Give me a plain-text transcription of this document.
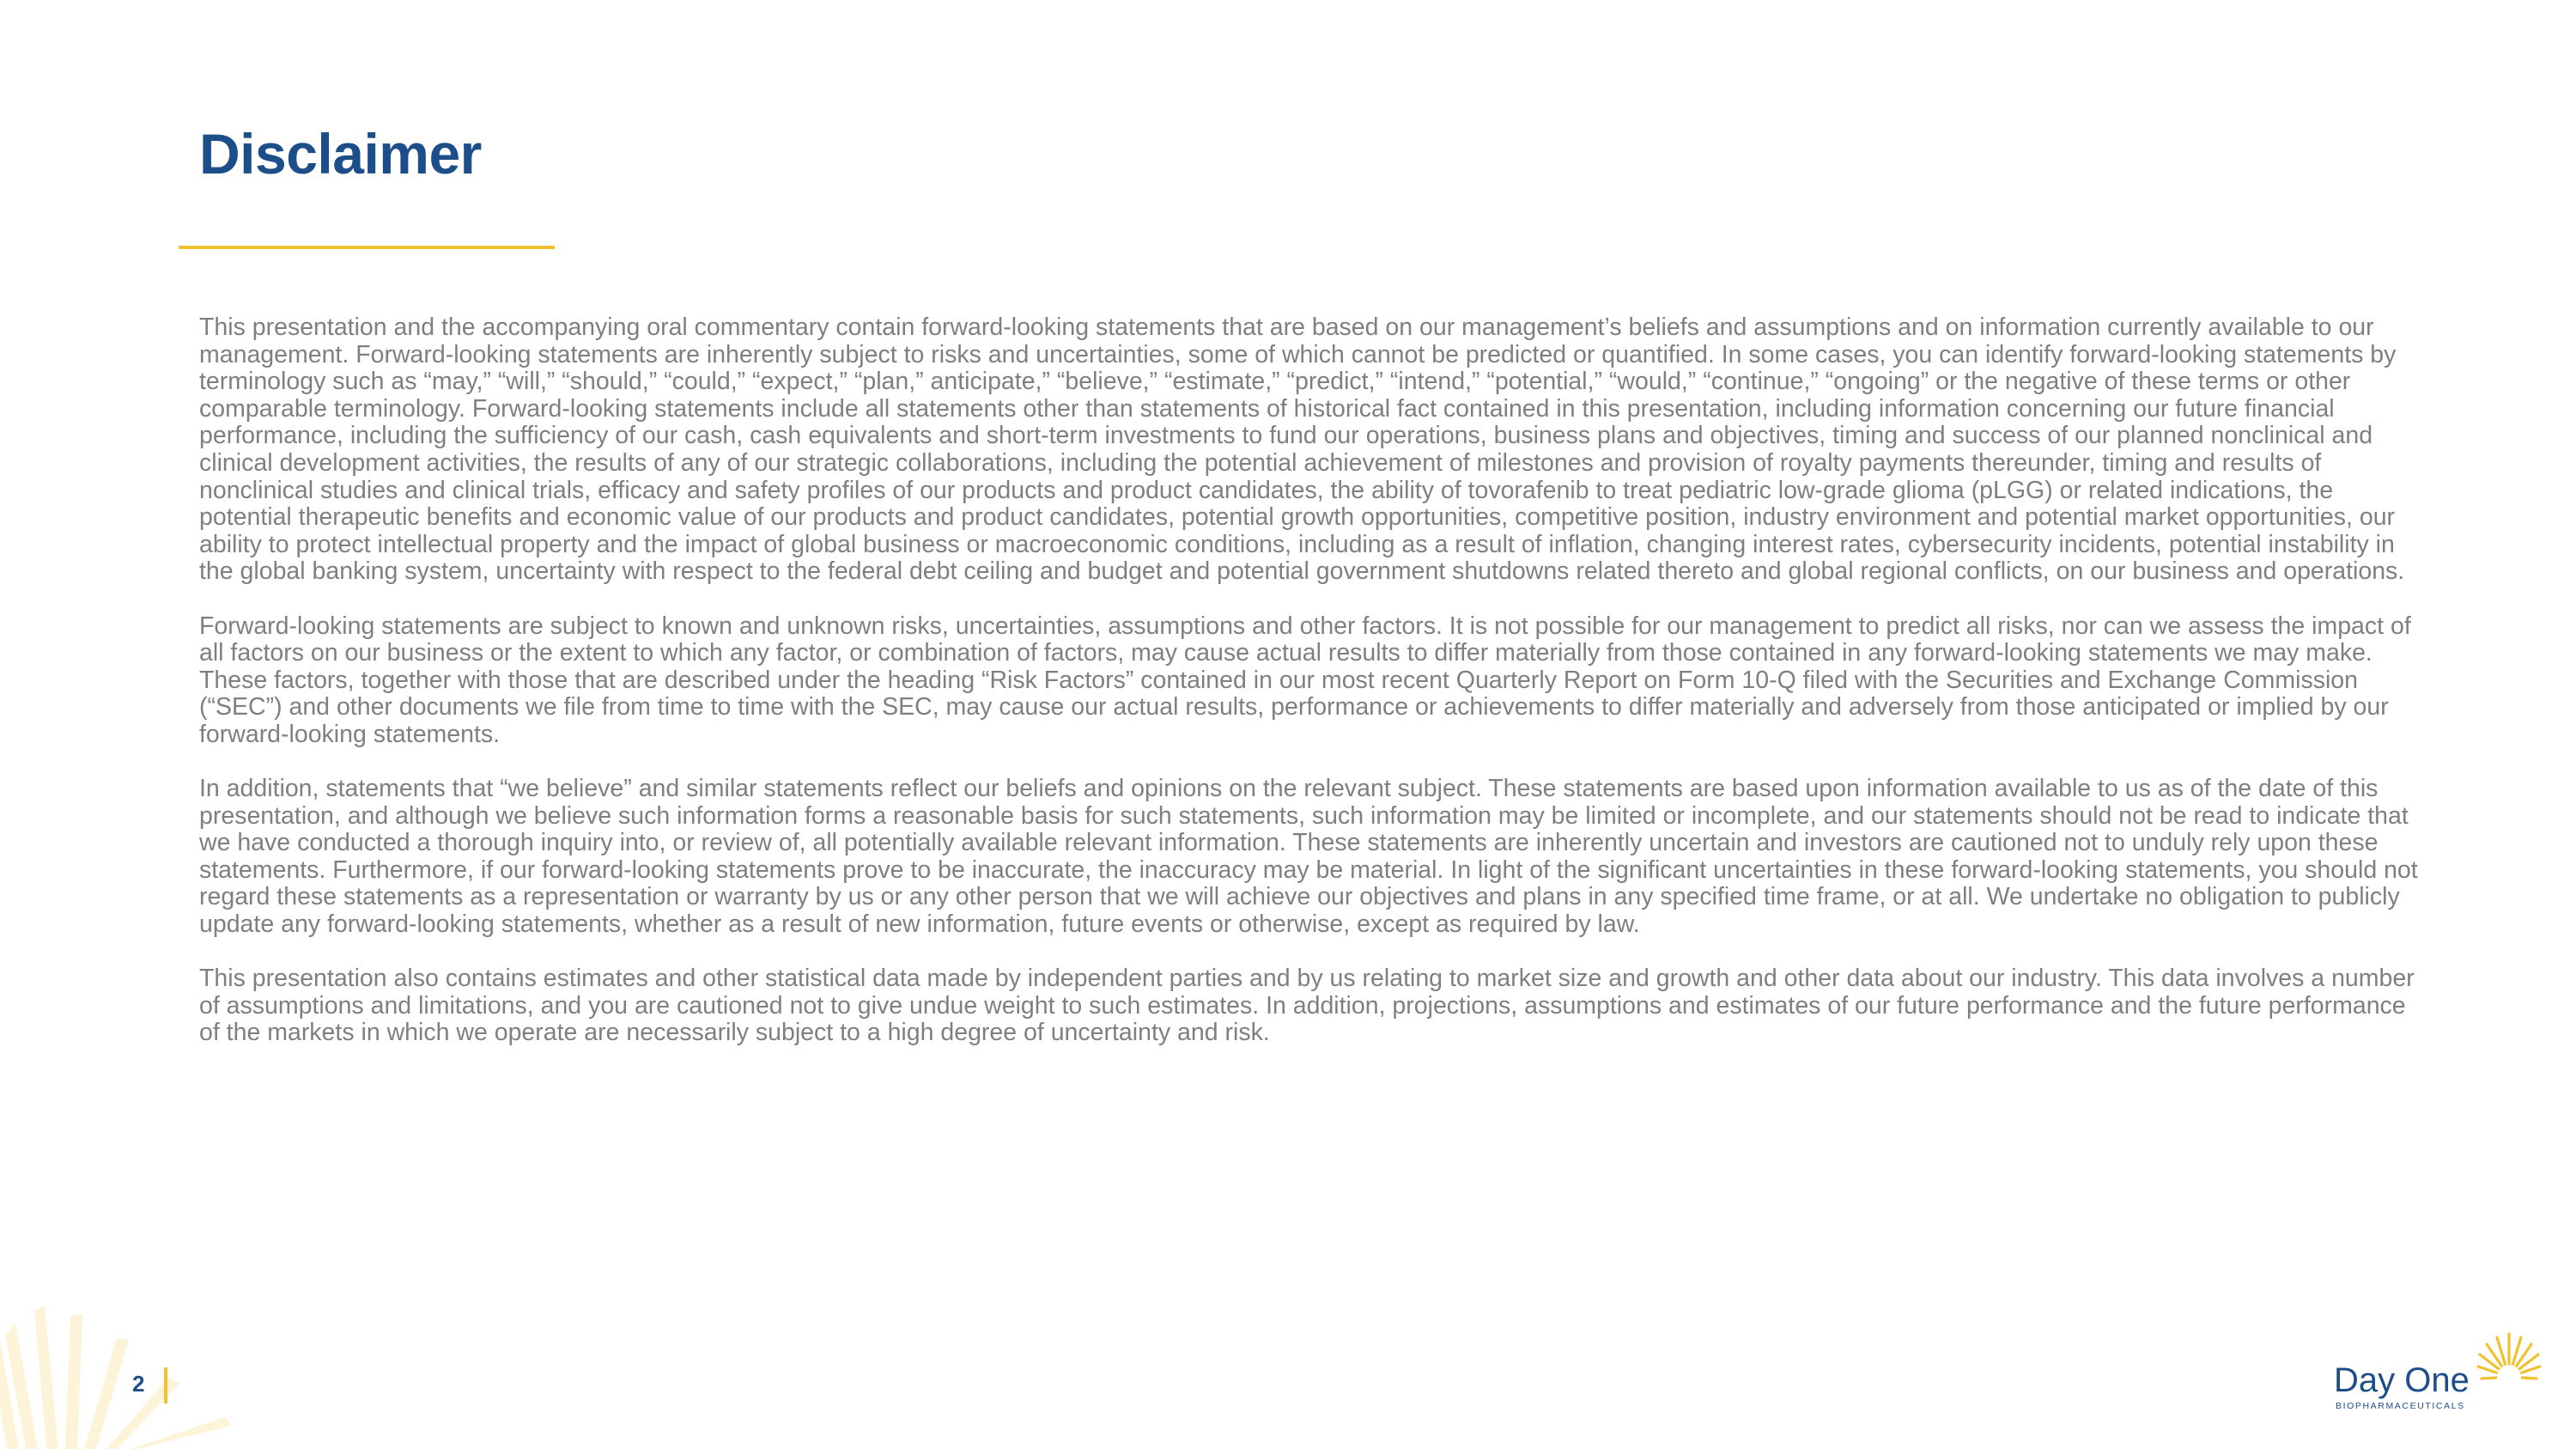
Disclaimer

This presentation and the accompanying oral commentary contain forward-looking statements that are based on our management’s beliefs and assumptions and on information currently available to our management. Forward-looking statements are inherently subject to risks and uncertainties, some of which cannot be predicted or quantified. In some cases, you can identify forward-looking statements by terminology such as “may,” “will,” “should,” “could,” “expect,” “plan,” anticipate,” “believe,” “estimate,” “predict,” “intend,” “potential,” “would,” “continue,” “ongoing” or the negative of these terms or other comparable terminology. Forward-looking statements include all statements other than statements of historical fact contained in this presentation, including information concerning our future financial performance, including the sufficiency of our cash, cash equivalents and short-term investments to fund our operations, business plans and objectives, timing and success of our planned nonclinical and clinical development activities, the results of any of our strategic collaborations, including the potential achievement of milestones and provision of royalty payments thereunder, timing and results of nonclinical studies and clinical trials, efficacy and safety profiles of our products and product candidates, the ability of tovorafenib to treat pediatric low-grade glioma (pLGG) or related indications, the potential therapeutic benefits and economic value of our products and product candidates, potential growth opportunities, competitive position, industry environment and potential market opportunities, our ability to protect intellectual property and the impact of global business or macroeconomic conditions, including as a result of inflation, changing interest rates, cybersecurity incidents, potential instability in the global banking system, uncertainty with respect to the federal debt ceiling and budget and potential government shutdowns related thereto and global regional conflicts, on our business and operations.

Forward-looking statements are subject to known and unknown risks, uncertainties, assumptions and other factors. It is not possible for our management to predict all risks, nor can we assess the impact of all factors on our business or the extent to which any factor, or combination of factors, may cause actual results to differ materially from those contained in any forward-looking statements we may make. These factors, together with those that are described under the heading “Risk Factors” contained in our most recent Quarterly Report on Form 10-Q filed with the Securities and Exchange Commission (“SEC”) and other documents we file from time to time with the SEC, may cause our actual results, performance or achievements to differ materially and adversely from those anticipated or implied by our forward-looking statements.

In addition, statements that “we believe” and similar statements reflect our beliefs and opinions on the relevant subject. These statements are based upon information available to us as of the date of this presentation, and although we believe such information forms a reasonable basis for such statements, such information may be limited or incomplete, and our statements should not be read to indicate that we have conducted a thorough inquiry into, or review of, all potentially available relevant information. These statements are inherently uncertain and investors are cautioned not to unduly rely upon these statements. Furthermore, if our forward-looking statements prove to be inaccurate, the inaccuracy may be material. In light of the significant uncertainties in these forward-looking statements, you should not regard these statements as a representation or warranty by us or any other person that we will achieve our objectives and plans in any specified time frame, or at all. We undertake no obligation to publicly update any forward-looking statements, whether as a result of new information, future events or otherwise, except as required by law.

This presentation also contains estimates and other statistical data made by independent parties and by us relating to market size and growth and other data about our industry. This data involves a number of assumptions and limitations, and you are cautioned not to give undue weight to such estimates. In addition, projections, assumptions and estimates of our future performance and the future performance of the markets in which we operate are necessarily subject to a high degree of uncertainty and risk.

2	Day One
BIOPHARMACEUTICALS
